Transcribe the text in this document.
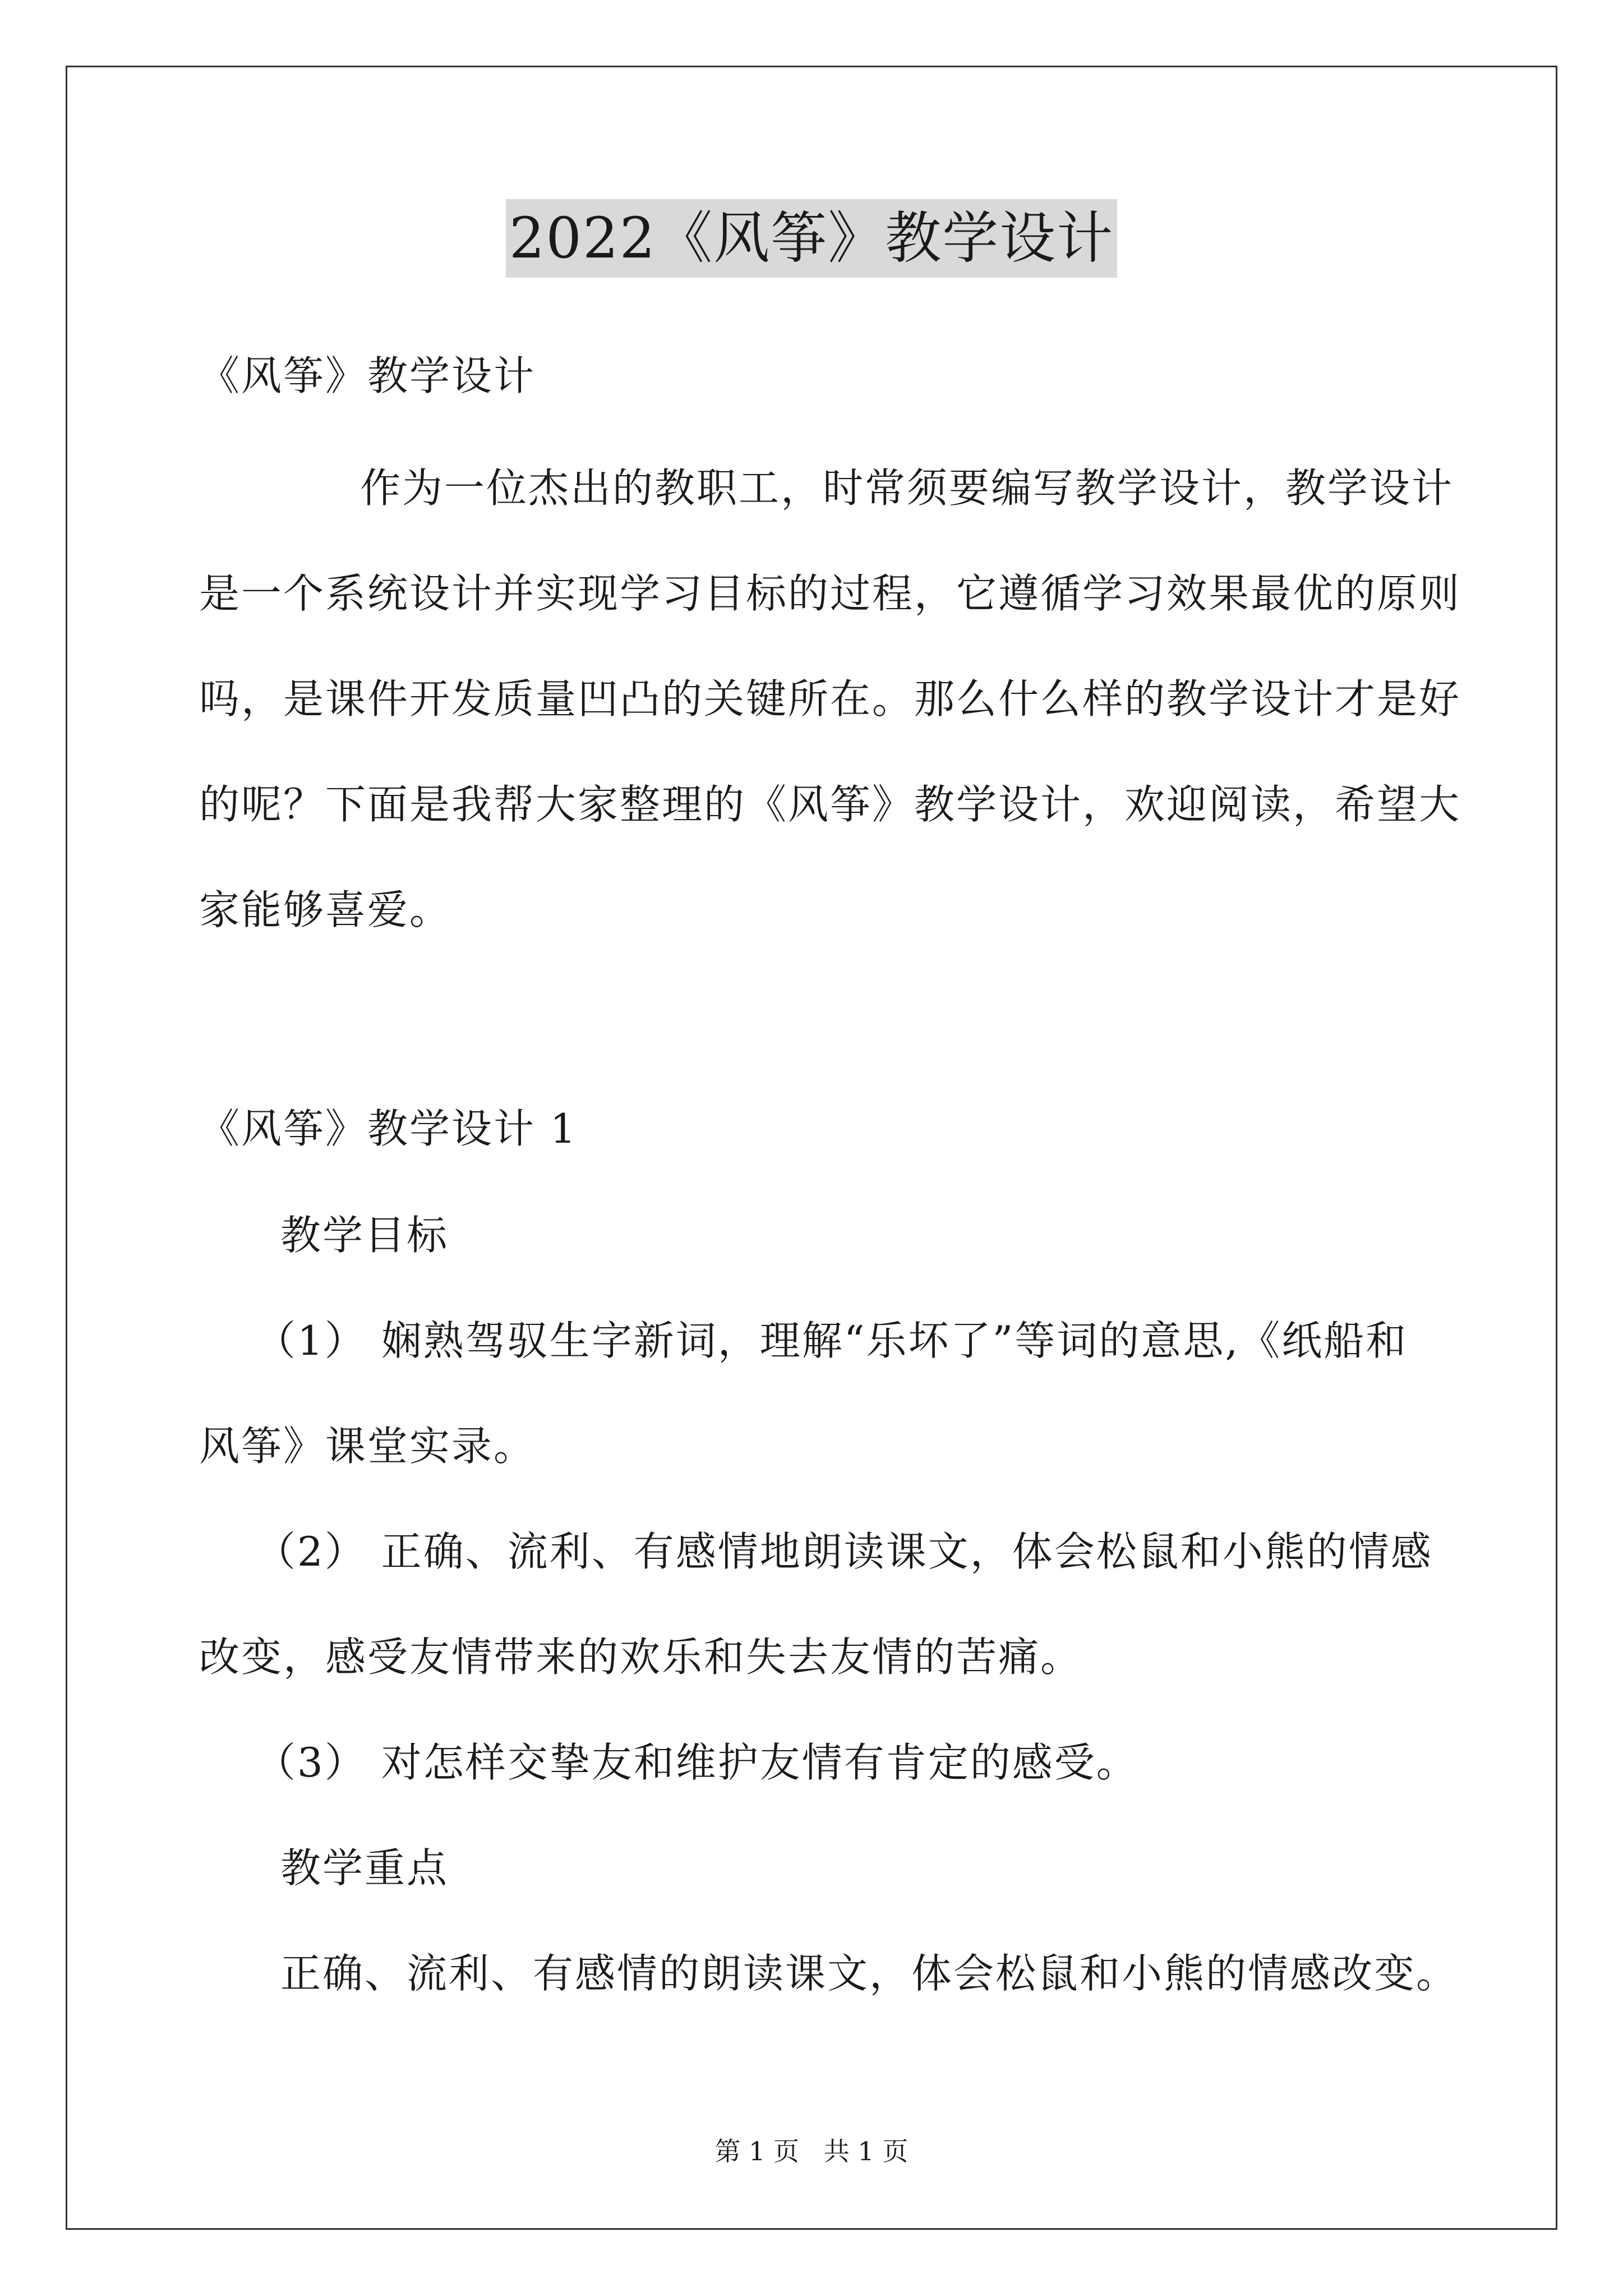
2022《风筝》教学设计
《风筝》教学设计
作为一位杰出的教职工，时常须要编写教学设计，教学设计
是一个系统设计并实现学习目标的过程，它遵循学习效果最优的原则
吗，是课件开发质量凹凸的关键所在。那么什么样的教学设计才是好
的呢？下面是我帮大家整理的《风筝》教学设计，欢迎阅读，希望大
家能够喜爱。
《风筝》教学设计 1
教学目标
（1） 娴熟驾驭生字新词，理解“乐坏了”等词的意思,《纸船和
风筝》课堂实录。
（2） 正确、流利、有感情地朗读课文，体会松鼠和小熊的情感
改变，感受友情带来的欢乐和失去友情的苦痛。
（3） 对怎样交挚友和维护友情有肯定的感受。
教学重点
正确、流利、有感情的朗读课文，体会松鼠和小熊的情感改变。
第 1 页   共 1 页
